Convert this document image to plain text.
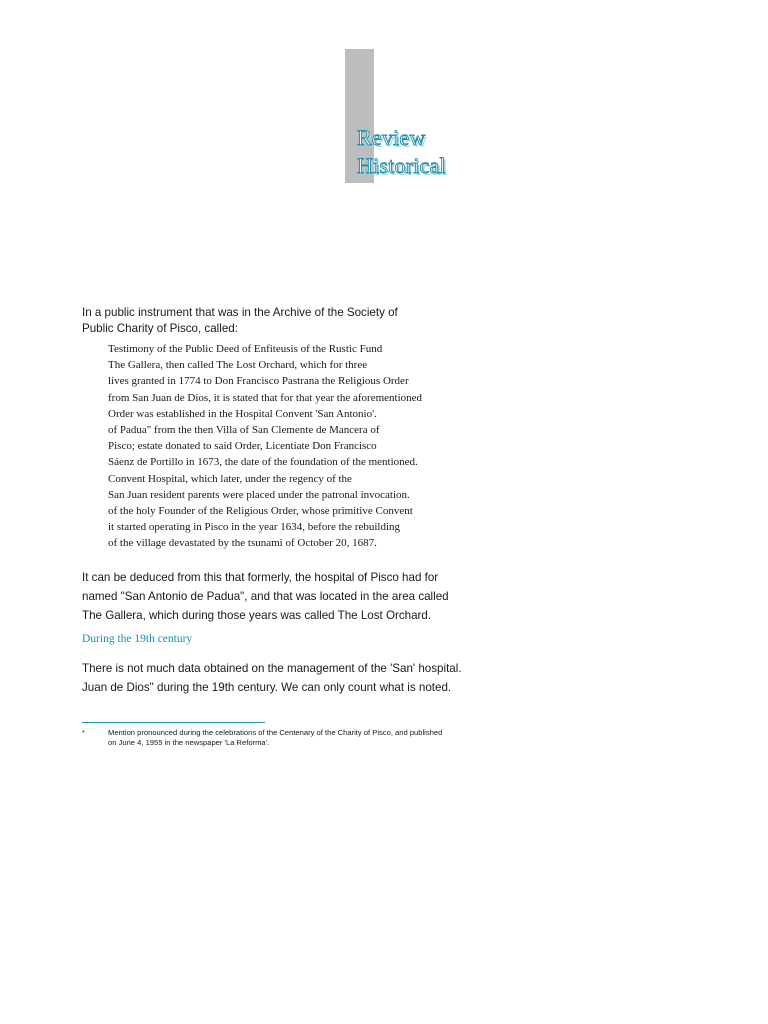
Review
Historical
In a public instrument that was in the Archive of the Society of
Public Charity of Pisco, called:
Testimony of the Public Deed of Enfiteusis of the Rustic Fund
The Gallera, then called The Lost Orchard, which for three
lives granted in 1774 to Don Francisco Pastrana the Religious Order
from San Juan de Dios, it is stated that for that year the aforementioned
Order was established in the Hospital Convent 'San Antonio'.
of Padua" from the then Villa of San Clemente de Mancera of
Pisco; estate donated to said Order, Licentiate Don Francisco
Sáenz de Portillo in 1673, the date of the foundation of the mentioned.
Convent Hospital, which later, under the regency of the
San Juan resident parents were placed under the patronal invocation.
of the holy Founder of the Religious Order, whose primitive Convent
it started operating in Pisco in the year 1634, before the rebuilding
of the village devastated by the tsunami of October 20, 1687.
It can be deduced from this that formerly, the hospital of Pisco had for
named "San Antonio de Padua", and that was located in the area called
The Gallera, which during those years was called The Lost Orchard.
During the 19th century
There is not much data obtained on the management of the 'San' hospital.
Juan de Dios" during the 19th century. We can only count what is noted.
*	Mention pronounced during the celebrations of the Centenary of the Charity of Pisco, and published
on June 4, 1955 in the newspaper 'La Reforma'.
